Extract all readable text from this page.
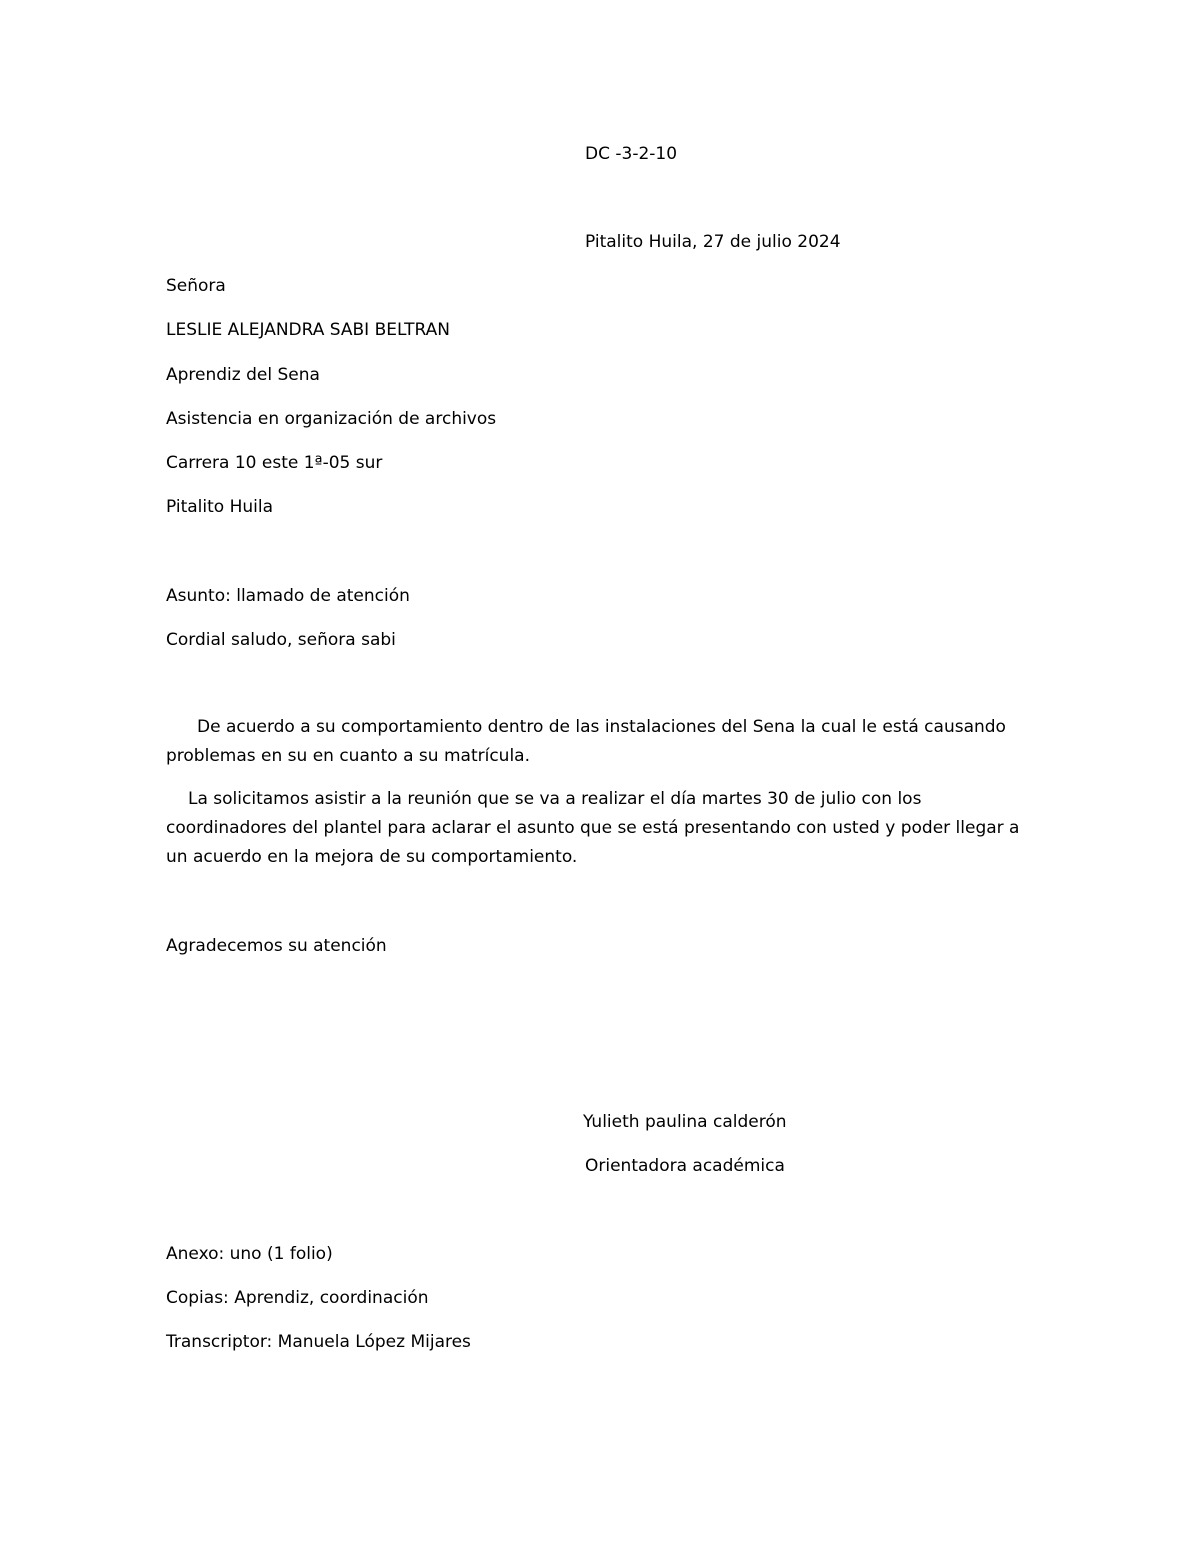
DC -3-2-10

Pitalito Huila, 27 de julio 2024

Señora

LESLIE ALEJANDRA SABI BELTRAN

Aprendiz del Sena

Asistencia en organización de archivos

Carrera 10 este 1ª-05 sur

Pitalito Huila

Asunto: llamado de atención

Cordial saludo, señora sabi

De acuerdo a su comportamiento dentro de las instalaciones del Sena la cual le está causando problemas en su en cuanto a su matrícula.

La solicitamos asistir a la reunión que se va a realizar el día martes 30 de julio con los coordinadores del plantel para aclarar el asunto que se está presentando con usted y poder llegar a un acuerdo en la mejora de su comportamiento.

Agradecemos su atención

Yulieth paulina calderón

Orientadora académica

Anexo: uno (1 folio)

Copias: Aprendiz, coordinación

Transcriptor: Manuela López Mijares
